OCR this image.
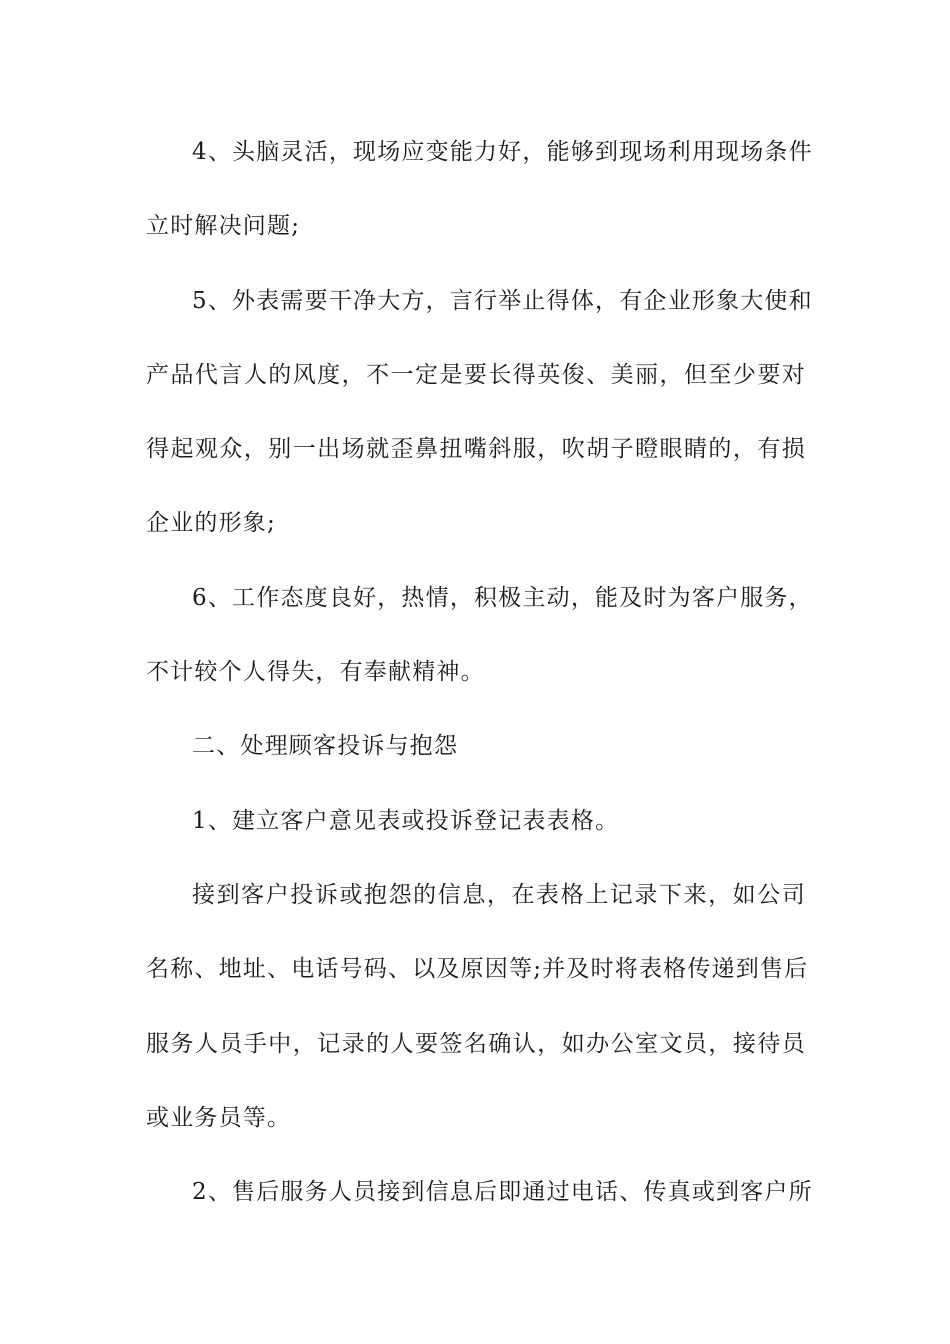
4、头脑灵活，现场应变能力好，能够到现场利用现场条件
立时解决问题;
5、外表需要干净大方，言行举止得体，有企业形象大使和
产品代言人的风度，不一定是要长得英俊、美丽，但至少要对
得起观众，别一出场就歪鼻扭嘴斜服，吹胡子瞪眼睛的，有损
企业的形象;
6、工作态度良好，热情，积极主动，能及时为客户服务，
不计较个人得失，有奉献精神。
二、处理顾客投诉与抱怨
1、建立客户意见表或投诉登记表表格。
接到客户投诉或抱怨的信息，在表格上记录下来，如公司
名称、地址、电话号码、以及原因等;并及时将表格传递到售后
服务人员手中，记录的人要签名确认，如办公室文员，接待员
或业务员等。
2、售后服务人员接到信息后即通过电话、传真或到客户所
